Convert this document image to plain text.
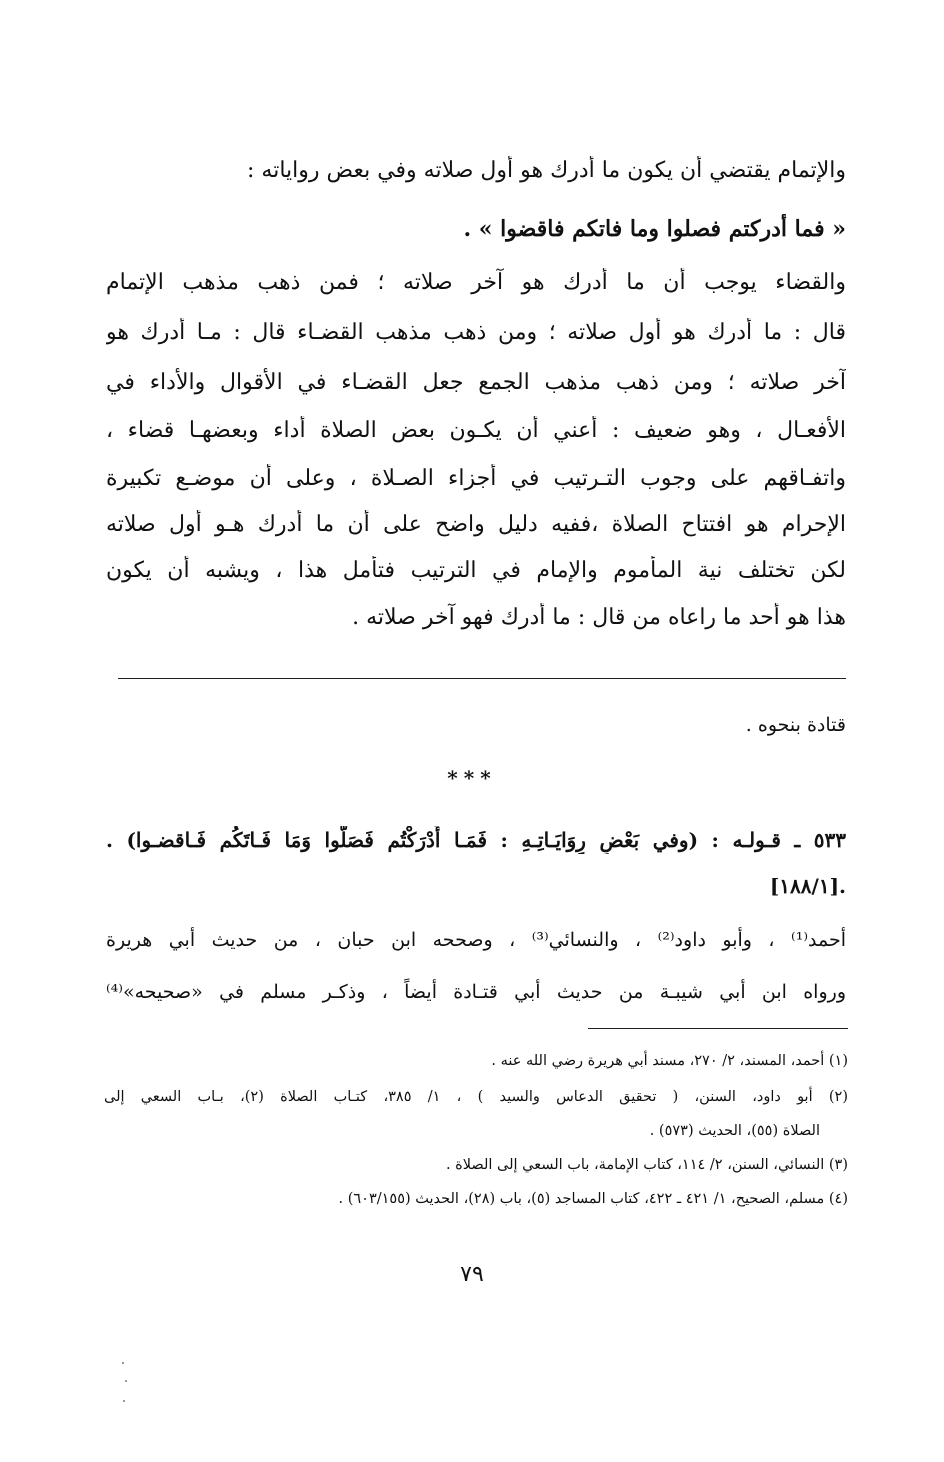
والإتمام يقتضي أن يكون ما أدرك هو أول صلاته وفي بعض رواياته :
« فما أدركتم فصلوا وما فاتكم فاقضوا » .
والقضاء يوجب أن ما أدرك هو آخر صلاته ؛ فمن ذهب مذهب الإتمام
قال : ما أدرك هو أول صلاته ؛ ومن ذهب مذهب القضـاء قال : مـا أدرك هو
آخر صلاته ؛ ومن ذهب مذهب الجمع جعل القضـاء في الأقوال والأداء في
الأفعـال ، وهو ضعيف : أعني أن يكـون بعض الصلاة أداء وبعضهـا قضاء ،
واتفـاقهم على وجوب التـرتيب في أجزاء الصـلاة ، وعلى أن موضـع تكبيرة
الإحرام هو افتتاح الصلاة ،ففيه دليل واضح على أن ما أدرك هـو أول صلاته
لكن تختلف نية المأموم والإمام في الترتيب فتأمل هذا ، ويشبه أن يكون
هذا هو أحد ما راعاه من قال : ما أدرك فهو آخر صلاته .
قتادة بنحوه .
***
٥٣٣ ـ قـولـه : (وفي بَعْضِ رِوَايَـاتِـهِ : فَمَـا أَدْرَكْتُم فَصَلُّوا وَمَا فَـاتَكُم فَـاقضـوا) .
.[١٨٨/١]
أحمد⁽¹⁾ ، وأبو داود⁽²⁾ ، والنسائي⁽³⁾ ، وصححه ابن حبان ، من حديث أبي هريرة
ورواه ابن أبي شيبـة من حديث أبي قتـادة أيضاً ، وذكـر مسلم في «صحيحه»⁽⁴⁾
(١) أحمد، المسند، ٢/ ٢٧٠، مسند أبي هريرة رضي الله عنه .
(٢) أبو داود، السنن، ( تحقيق الدعاس والسيد ) ، ١/ ٣٨٥، كتـاب الصلاة (٢)، بـاب السعي إلى
الصلاة (٥٥)، الحديث (٥٧٣) .
(٣) النسائي، السنن، ٢/ ١١٤، كتاب الإمامة، باب السعي إلى الصلاة .
(٤) مسلم، الصحيح، ١/ ٤٢١ ـ ٤٢٢، كتاب المساجد (٥)، باب (٢٨)، الحديث (٦٠٣/١٥٥) .
٧٩
